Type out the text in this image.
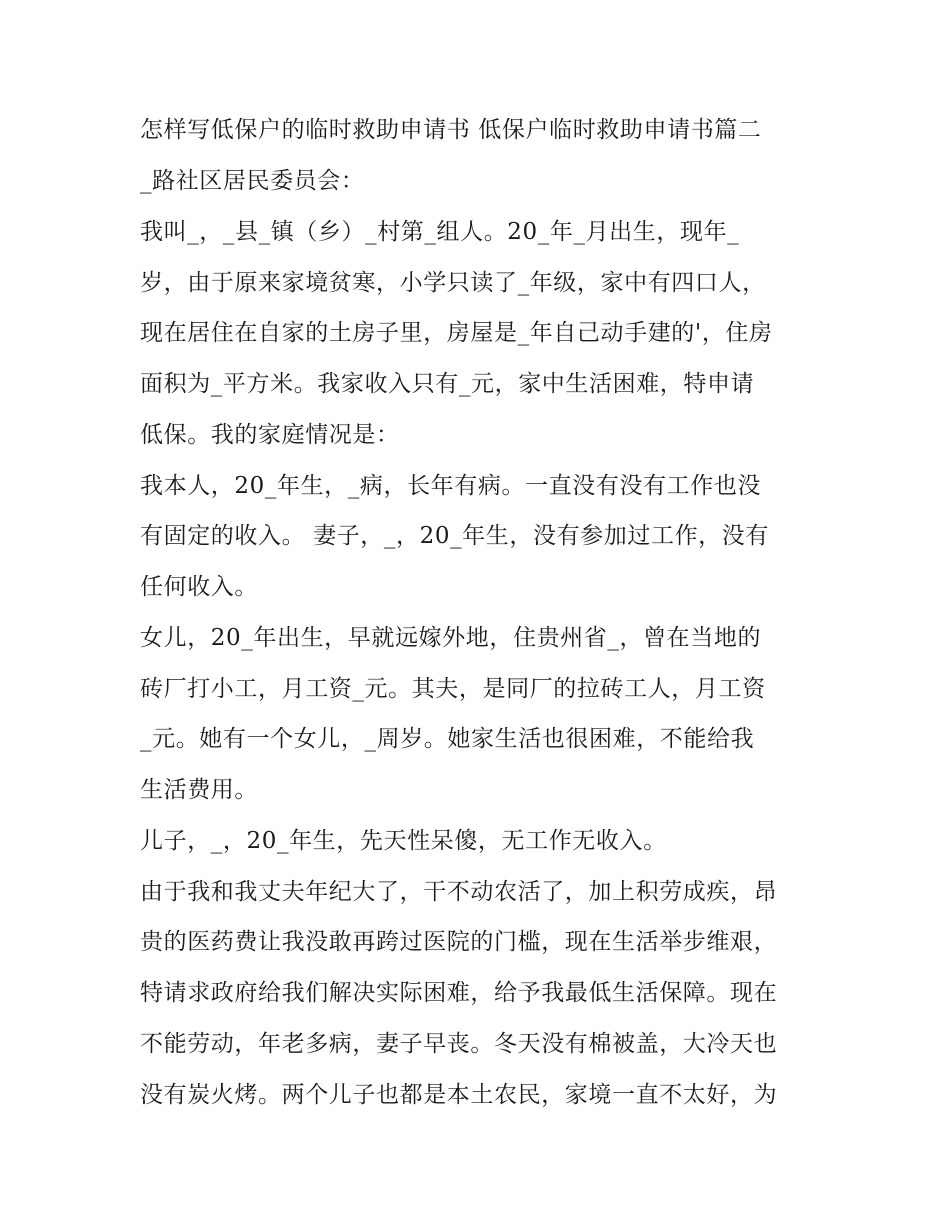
怎样写低保户的临时救助申请书 低保户临时救助申请书篇二

_路社区居民委员会：

我叫_，_县_镇（乡）_村第_组人。20_年_月出生，现年_

岁，由于原来家境贫寒，小学只读了_年级，家中有四口人，

现在居住在自家的土房子里，房屋是_年自己动手建的'，住房

面积为_平方米。我家收入只有_元，家中生活困难，特申请

低保。我的家庭情况是：

我本人，20_年生，_病，长年有病。一直没有没有工作也没

有固定的收入。 妻子，_，20_年生，没有参加过工作，没有

任何收入。

女儿，20_年出生，早就远嫁外地，住贵州省_，曾在当地的

砖厂打小工，月工资_元。其夫，是同厂的拉砖工人，月工资

_元。她有一个女儿，_周岁。她家生活也很困难，不能给我

生活费用。

儿子，_，20_年生，先天性呆傻，无工作无收入。

由于我和我丈夫年纪大了，干不动农活了，加上积劳成疾，昂

贵的医药费让我没敢再跨过医院的门槛，现在生活举步维艰，

特请求政府给我们解决实际困难，给予我最低生活保障。现在

不能劳动，年老多病，妻子早丧。冬天没有棉被盖，大冷天也

没有炭火烤。两个儿子也都是本土农民，家境一直不太好，为
